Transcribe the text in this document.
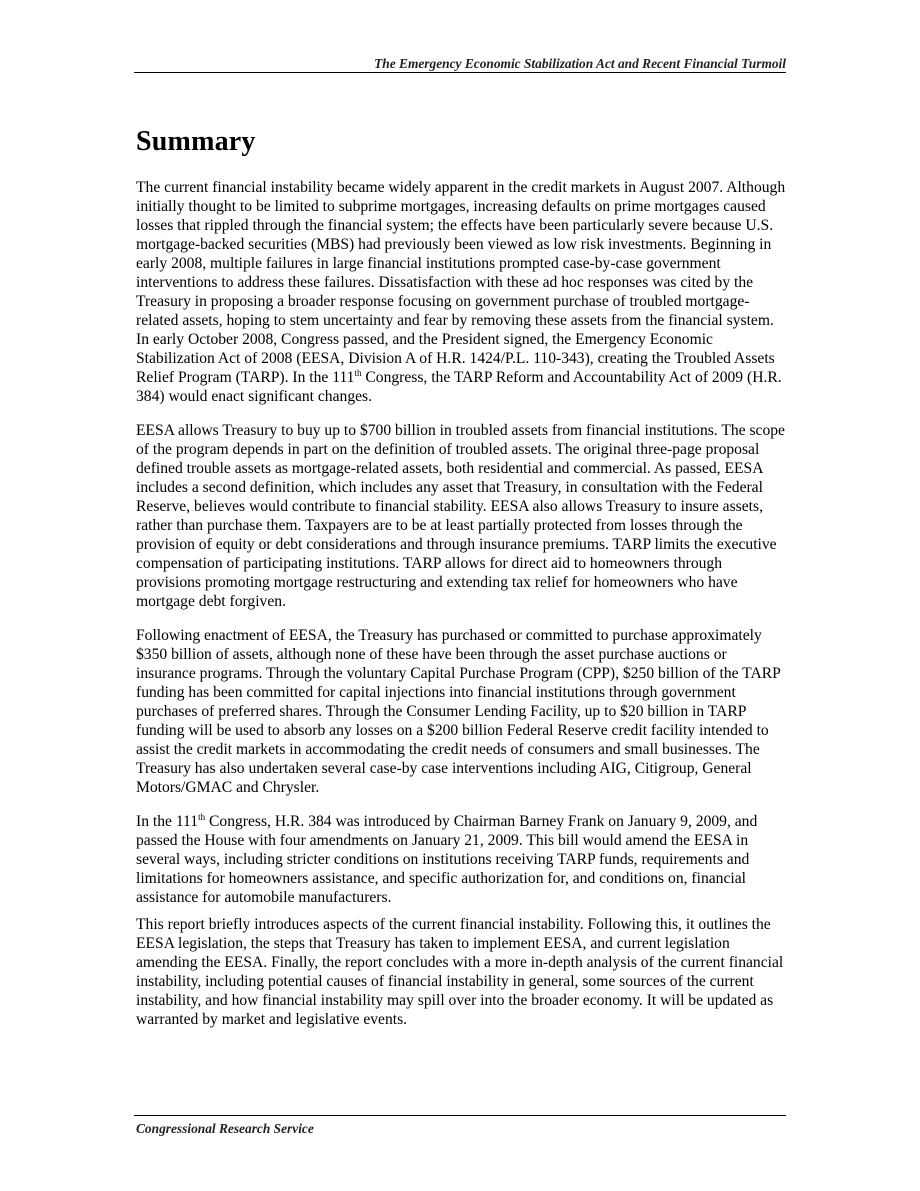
The Emergency Economic Stabilization Act and Recent Financial Turmoil
Summary

The current financial instability became widely apparent in the credit markets in August 2007. Although initially thought to be limited to subprime mortgages, increasing defaults on prime mortgages caused losses that rippled through the financial system; the effects have been particularly severe because U.S. mortgage-backed securities (MBS) had previously been viewed as low risk investments. Beginning in early 2008, multiple failures in large financial institutions prompted case-by-case government interventions to address these failures. Dissatisfaction with these ad hoc responses was cited by the Treasury in proposing a broader response focusing on government purchase of troubled mortgage-related assets, hoping to stem uncertainty and fear by removing these assets from the financial system. In early October 2008, Congress passed, and the President signed, the Emergency Economic Stabilization Act of 2008 (EESA, Division A of H.R. 1424/P.L. 110-343), creating the Troubled Assets Relief Program (TARP). In the 111th Congress, the TARP Reform and Accountability Act of 2009 (H.R. 384) would enact significant changes.

EESA allows Treasury to buy up to $700 billion in troubled assets from financial institutions. The scope of the program depends in part on the definition of troubled assets. The original three-page proposal defined trouble assets as mortgage-related assets, both residential and commercial. As passed, EESA includes a second definition, which includes any asset that Treasury, in consultation with the Federal Reserve, believes would contribute to financial stability. EESA also allows Treasury to insure assets, rather than purchase them. Taxpayers are to be at least partially protected from losses through the provision of equity or debt considerations and through insurance premiums. TARP limits the executive compensation of participating institutions. TARP allows for direct aid to homeowners through provisions promoting mortgage restructuring and extending tax relief for homeowners who have mortgage debt forgiven.

Following enactment of EESA, the Treasury has purchased or committed to purchase approximately $350 billion of assets, although none of these have been through the asset purchase auctions or insurance programs. Through the voluntary Capital Purchase Program (CPP), $250 billion of the TARP funding has been committed for capital injections into financial institutions through government purchases of preferred shares. Through the Consumer Lending Facility, up to $20 billion in TARP funding will be used to absorb any losses on a $200 billion Federal Reserve credit facility intended to assist the credit markets in accommodating the credit needs of consumers and small businesses. The Treasury has also undertaken several case-by case interventions including AIG, Citigroup, General Motors/GMAC and Chrysler.

In the 111th Congress, H.R. 384 was introduced by Chairman Barney Frank on January 9, 2009, and passed the House with four amendments on January 21, 2009. This bill would amend the EESA in several ways, including stricter conditions on institutions receiving TARP funds, requirements and limitations for homeowners assistance, and specific authorization for, and conditions on, financial assistance for automobile manufacturers.

This report briefly introduces aspects of the current financial instability. Following this, it outlines the EESA legislation, the steps that Treasury has taken to implement EESA, and current legislation amending the EESA. Finally, the report concludes with a more in-depth analysis of the current financial instability, including potential causes of financial instability in general, some sources of the current instability, and how financial instability may spill over into the broader economy. It will be updated as warranted by market and legislative events.

Congressional Research Service
